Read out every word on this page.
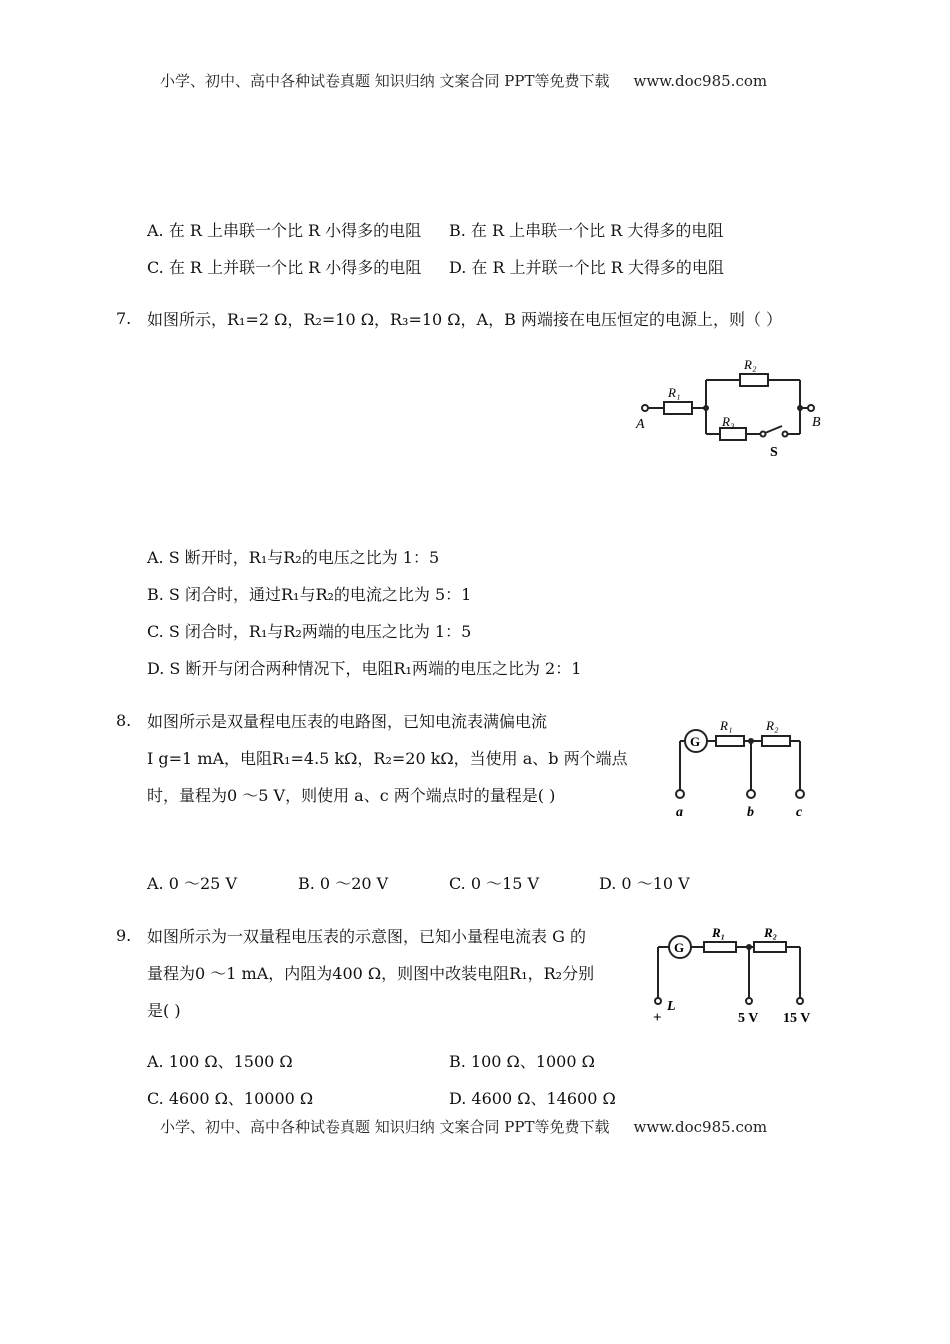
小学、初中、高中各种试卷真题 知识归纳 文案合同 PPT等免费下载 www.doc985.com
A. 在 R 上串联一个比 R 小得多的电阻 B. 在 R 上串联一个比 R 大得多的电阻
C. 在 R 上并联一个比 R 小得多的电阻 D. 在 R 上并联一个比 R 大得多的电阻
7. 如图所示，R₁=2 Ω，R₂=10 Ω，R₃=10 Ω，A，B 两端接在电压恒定的电源上，则（ ）
R₁
R₂
R₃
A	B
S
A. S 断开时，R₁与R₂的电压之比为 1：5
B. S 闭合时，通过R₁与R₂的电流之比为 5：1
C. S 闭合时，R₁与R₂两端的电压之比为 1：5
D. S 断开与闭合两种情况下，电阻R₁两端的电压之比为 2：1
8. 如图所示是双量程电压表的电路图，已知电流表满偏电流
I g=1 mA，电阻R₁=4.5 kΩ，R₂=20 kΩ，当使用 a、b 两个端点
时，量程为0 ～5 V，则使用 a、c 两个端点时的量程是( )
G
R₁	R₂
a	b	c
A. 0 ～25 V	B. 0 ～20 V	C. 0 ～15 V	D. 0 ～10 V
9. 如图所示为一双量程电压表的示意图，已知小量程电流表 G 的
量程为0 ～1 mA，内阻为400 Ω，则图中改装电阻R₁，R₂分别
是( )
G
R₁	R₂
L
+	5 V 15 V
A. 100 Ω、1500 Ω	B. 100 Ω、1000 Ω
C. 4600 Ω、10000 Ω	D. 4600 Ω、14600 Ω
小学、初中、高中各种试卷真题 知识归纳 文案合同 PPT等免费下载 www.doc985.com
